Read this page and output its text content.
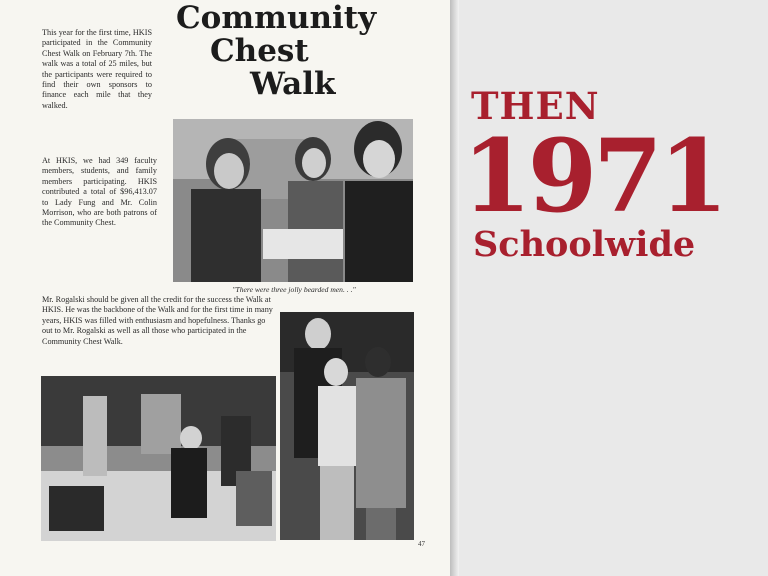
Community
Chest
Walk
This year for the first time, HKIS participated in the Community Chest Walk on February 7th. The walk was a total of 25 miles, but the participants were required to find their own sponsors to finance each mile that they walked.
At HKIS, we had 349 faculty members, students, and family members participating. HKIS contributed a total of $96,413.07 to Lady Fung and Mr. Colin Morrison, who are both patrons of the Community Chest.
Mr. Rogalski should be given all the credit for the success the Walk at HKIS. He was the backbone of the Walk and for the first time in many years, HKIS was filled with enthusiasm and hopefulness. Thanks go out to Mr. Rogalski as well as all those who participated in the Community Chest Walk.
"There were three jolly bearded men. . ."
47
THEN
1971
Schoolwide
